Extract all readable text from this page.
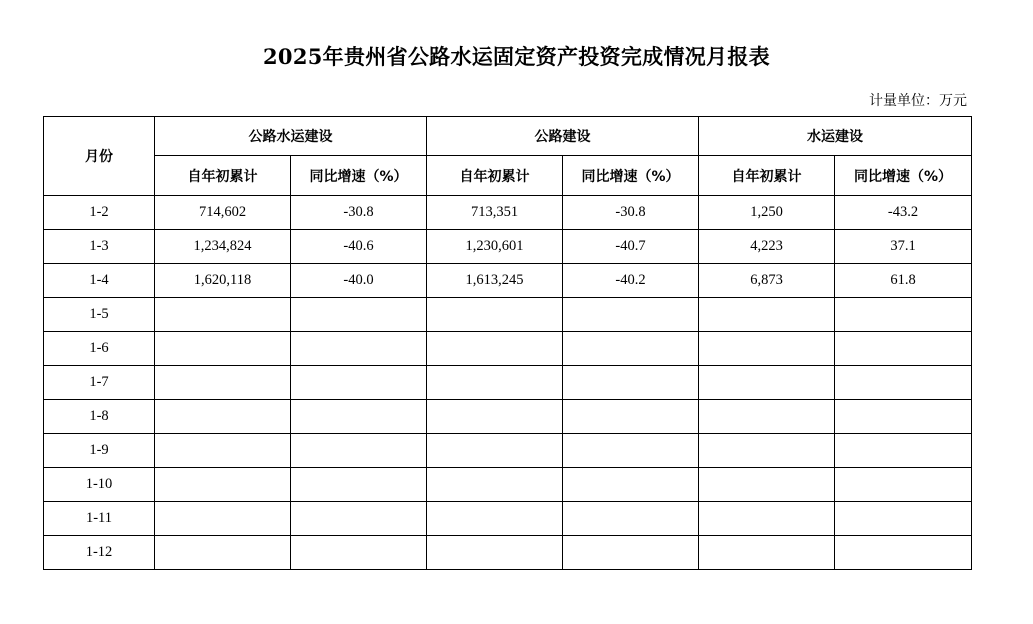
2025年贵州省公路水运固定资产投资完成情况月报表
计量单位：万元
月份	公路水运建设		公路建设		水运建设	
	自年初累计	同比增速（%）	自年初累计	同比增速（%）	自年初累计	同比增速（%）
1-2	714,602	-30.8	713,351	-30.8	1,250	-43.2
1-3	1,234,824	-40.6	1,230,601	-40.7	4,223	37.1
1-4	1,620,118	-40.0	1,613,245	-40.2	6,873	61.8
1-5						
1-6						
1-7						
1-8						
1-9						
1-10						
1-11						
1-12						
